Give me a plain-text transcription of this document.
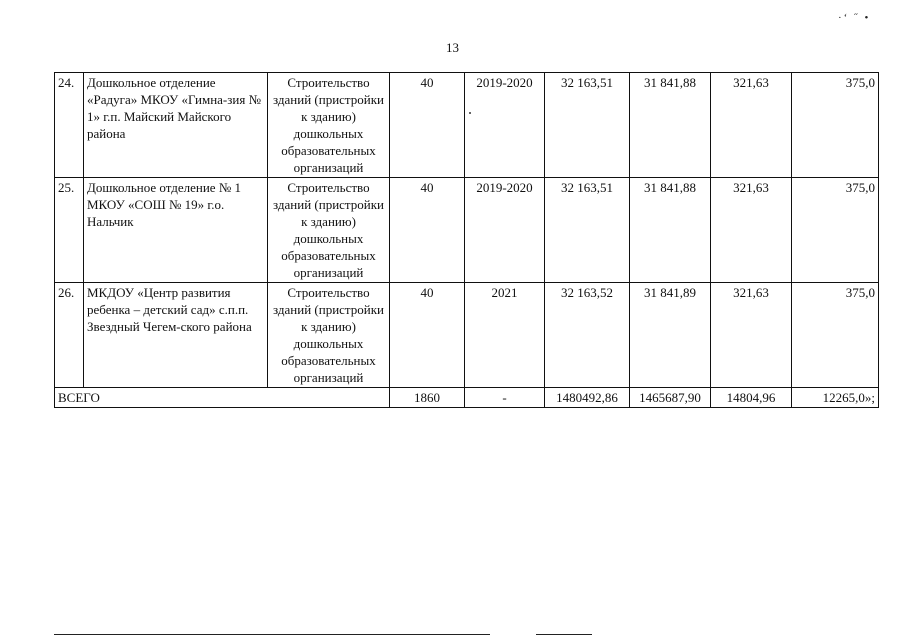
·ʻ ˝ •
13
24.	Дошкольное отделение «Радуга» МКОУ «Гимна-зия № 1» г.п. Майский Майского района	Строительство зданий (пристройки к зданию) дошкольных образовательных организаций	40	2019-2020	32 163,51	31 841,88	321,63	375,0
25.	Дошкольное отделение № 1 МКОУ «СОШ № 19» г.о. Нальчик	Строительство зданий (пристройки к зданию) дошкольных образовательных организаций	40	2019-2020	32 163,51	31 841,88	321,63	375,0
26.	МКДОУ «Центр развития ребенка – детский сад» с.п.п. Звездный Чегем-ского района	Строительство зданий (пристройки к зданию) дошкольных образовательных организаций	40	2021	32 163,52	31 841,89	321,63	375,0
ВСЕГО			1860	-	1480492,86	1465687,90	14804,96	12265,0»;
